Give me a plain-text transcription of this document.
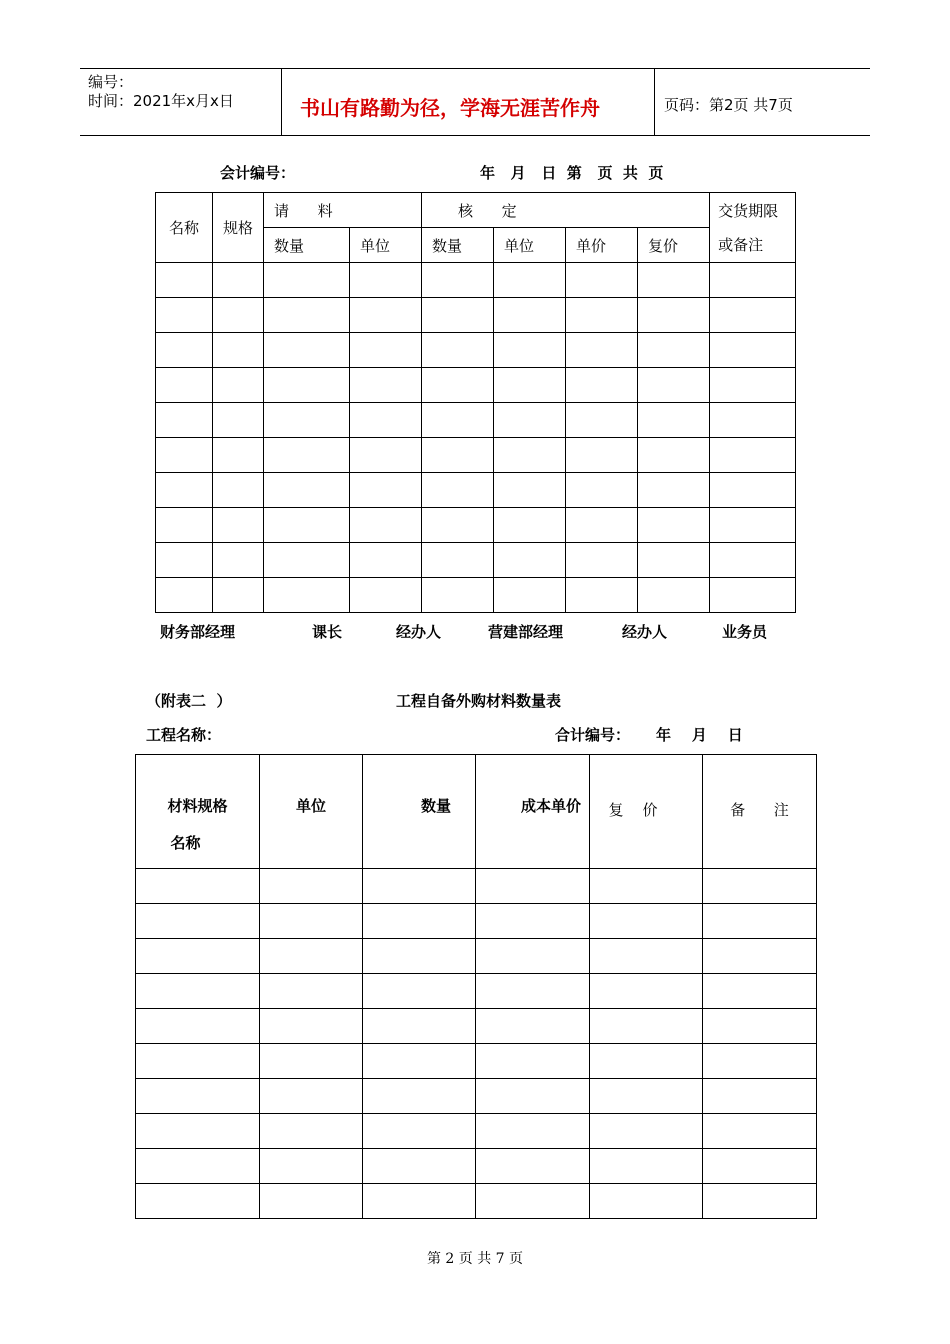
编号：
时间：2021年x月x日	书山有路勤为径，学海无涯苦作舟	页码：第2页 共7页
会计编号：	年   月   日  第   页  共  页
名称	规格	请      料		核      定				交货期限
		数量	单位	数量	单位	单价	复价	或备注

财务部经理	课长	经办人	营建部经理	经办人	业务员
（附表二  ）	工程自备外购材料数量表
工程名称：	合计编号： 年    月    日
材料规格
名称	单位	数量	成本单价	复    价	备      注

第 2 页 共 7 页
